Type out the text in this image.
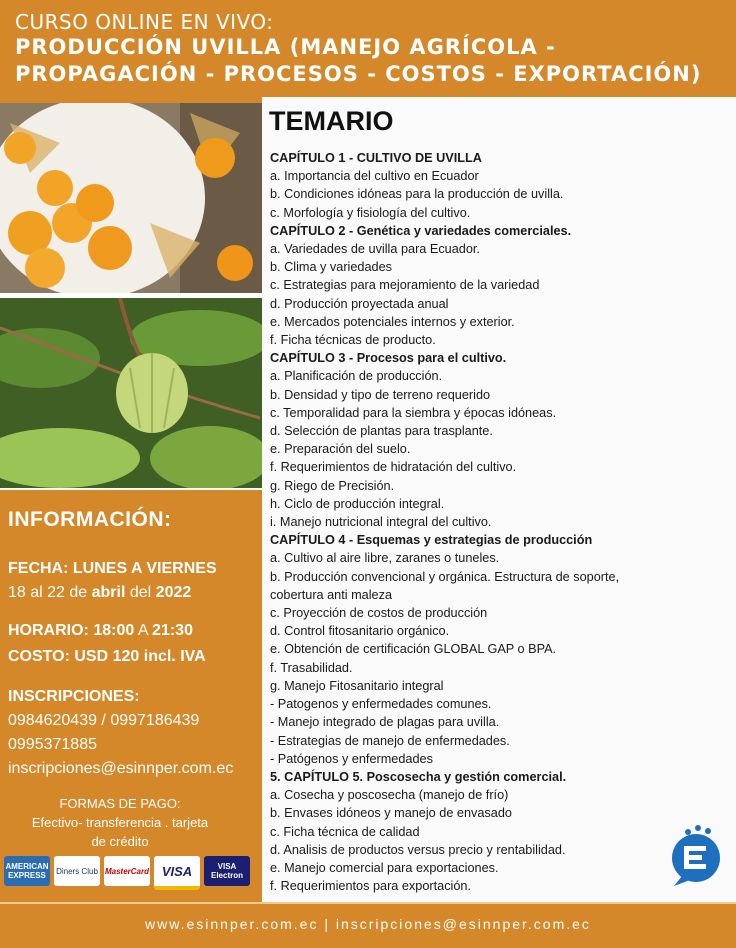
CURSO ONLINE EN VIVO:
PRODUCCIÓN UVILLA (MANEJO AGRÍCOLA -
PROPAGACIÓN - PROCESOS - COSTOS - EXPORTACIÓN)
INFORMACIÓN:
FECHA: LUNES A VIERNES
18 al 22 de abril del 2022
HORARIO: 18:00 A 21:30
COSTO: USD 120 incl. IVA
INSCRIPCIONES:
0984620439 / 0997186439
0995371885
inscripciones@esinnper.com.ec
FORMAS DE PAGO:
Efectivo- transferencia . tarjeta
de crédito
AMERICAN EXPRESS	Diners Club MasterCard VISA	VISA Electron
TEMARIO
CAPÍTULO 1 - CULTIVO DE UVILLA
a. Importancia del cultivo en Ecuador
b. Condiciones idóneas para la producción de uvilla.
c. Morfología y fisiología del cultivo.
CAPÍTULO 2 - Genética y variedades comerciales.
a. Variedades de uvilla para Ecuador.
b. Clima y variedades
c. Estrategias para mejoramiento de la variedad
d. Producción proyectada anual
e. Mercados potenciales internos y exterior.
f. Ficha técnicas de producto.
CAPÍTULO 3 - Procesos para el cultivo.
a. Planificación de producción.
b. Densidad y tipo de terreno requerido
c. Temporalidad para la siembra y épocas idóneas.
d. Selección de plantas para trasplante.
e. Preparación del suelo.
f. Requerimientos de hidratación del cultivo.
g. Riego de Precisión.
h. Ciclo de producción integral.
i. Manejo nutricional integral del cultivo.
CAPÍTULO 4 - Esquemas y estrategias de producción
a. Cultivo al aire libre, zaranes o tuneles.
b. Producción convencional y orgánica. Estructura de soporte,
cobertura anti maleza
c. Proyección de costos de producción
d. Control fitosanitario orgánico.
e. Obtención de certificación GLOBAL GAP o BPA.
f. Trasabilidad.
g. Manejo Fitosanitario integral
- Patogenos y enfermedades comunes.
- Manejo integrado de plagas para uvilla.
- Estrategias de manejo de enfermedades.
- Patógenos y enfermedades
5. CAPÍTULO 5. Poscosecha y gestión comercial.
a. Cosecha y poscosecha (manejo de frío)
b. Envases idóneos y manejo de envasado
c. Ficha técnica de calidad
d. Analisis de productos versus precio y rentabilidad.
e. Manejo comercial para exportaciones.
f. Requerimientos para exportación.
www.esinnper.com.ec | inscripciones@esinnper.com.ec
